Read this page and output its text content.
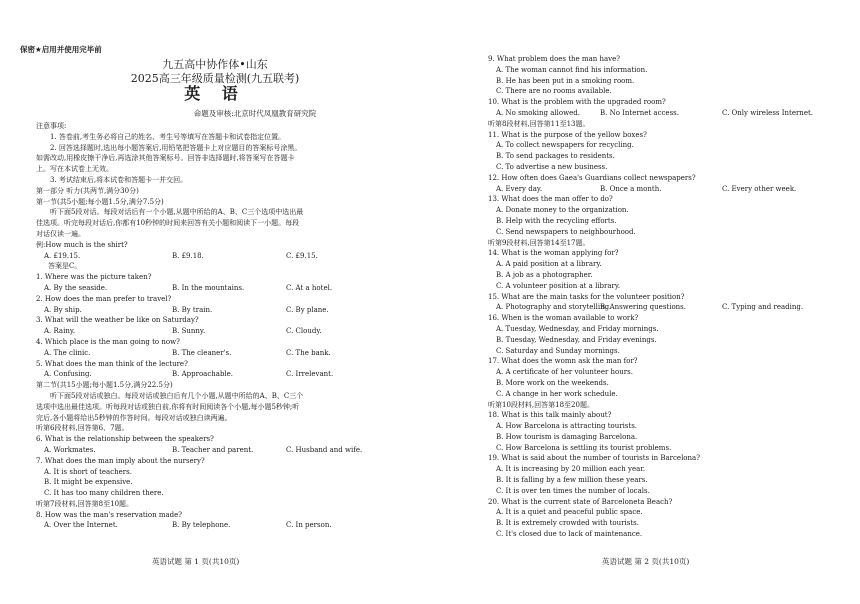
保密★启用并使用完毕前
九五高中协作体•山东
2025高三年级质量检测(九五联考)
英 语
命题及审核:北京时代凤凰教育研究院
注意事项:
1. 答卷前,考生务必将自己的姓名、考生号等填写在答题卡和试卷指定位置。
2. 回答选择题时,选出每小题答案后,用铅笔把答题卡上对应题目的答案标号涂黑。
如需改动,用橡皮擦干净后,再选涂其他答案标号。回答非选择题时,将答案写在答题卡
上。写在本试卷上无效。
3. 考试结束后,将本试卷和答题卡一并交回。
第一部分 听力(共两节,满分30分)
第一节(共5小题;每小题1.5分,满分7.5分)
听下面5段对话。每段对话后有一个小题,从题中所给的A、B、C三个选项中选出最
佳选项。听完每段对话后,你都有10秒钟的时间来回答有关小题和阅读下一小题。每段
对话仅读一遍。
例:How much is the shirt?
A. £19.15.	B. £9.18.	C. £9.15.
答案是C。
1. Where was the picture taken?
A. By the seaside.	B. In the mountains.	C. At a hotel.
2. How does the man prefer to travel?
A. By ship.	B. By train.	C. By plane.
3. What will the weather be like on Saturday?
A. Rainy.	B. Sunny.	C. Cloudy.
4. Which place is the man going to now?
A. The clinic.	B. The cleaner's.	C. The bank.
5. What does the man think of the lecture?
A. Confusing.	B. Approachable.	C. Irrelevant.
第二节(共15小题;每小题1.5分,满分22.5分)
听下面5段对话或独白。每段对话或独白后有几个小题,从题中所给的A、B、C三个
选项中选出最佳选项。听每段对话或独白前,你将有时间阅读各个小题,每小题5秒钟;听
完后,各小题将给出5秒钟的作答时间。每段对话或独白读两遍。
听第6段材料,回答第6、7题。
6. What is the relationship between the speakers?
A. Workmates.	B. Teacher and parent.	C. Husband and wife.
7. What does the man imply about the nursery?
A. It is short of teachers.
B. It might be expensive.
C. It has too many children there.
听第7段材料,回答第8至10题。
8. How was the man's reservation made?
A. Over the Internet.	B. By telephone.	C. In person.
英语试题 第 1 页(共10页)
9. What problem does the man have?
A. The woman cannot find his information.
B. He has been put in a smoking room.
C. There are no rooms available.
10. What is the problem with the upgraded room?
A. No smoking allowed.	B. No Internet access.	C. Only wireless Internet.
听第8段材料,回答第11至13题。
11. What is the purpose of the yellow boxes?
A. To collect newspapers for recycling.
B. To send packages to residents.
C. To advertise a new business.
12. How often does Gaea's Guardians collect newspapers?
A. Every day.	B. Once a month.	C. Every other week.
13. What does the man offer to do?
A. Donate money to the organization.
B. Help with the recycling efforts.
C. Send newspapers to neighbourhood.
听第9段材料,回答第14至17题。
14. What is the woman applying for?
A. A paid position at a library.
B. A job as a photographer.
C. A volunteer position at a library.
15. What are the main tasks for the volunteer position?
A. Photography and storytelling.
B. Answering questions.	C. Typing and reading.
16. When is the woman available to work?
A. Tuesday, Wednesday, and Friday mornings.
B. Tuesday, Wednesday, and Friday evenings.
C. Saturday and Sunday mornings.
17. What does the womn ask the man for?
A. A certificate of her volunteer hours.
B. More work on the weekends.
C. A change in her work schedule.
听第10段材料,回答第18至20题。
18. What is this talk mainly about?
A. How Barcelona is attracting tourists.
B. How tourism is damaging Barcelona.
C. How Barcelona is settling its tourist problems.
19. What is said about the number of tourists in Barcelona?
A. It is increasing by 20 million each year.
B. It is falling by a few million these years.
C. It is over ten times the number of locals.
20. What is the current state of Barceloneta Beach?
A. It is a quiet and peaceful public space.
B. It is extremely crowded with tourists.
C. It's closed due to lack of maintenance.
英语试题 第 2 页(共10页)
